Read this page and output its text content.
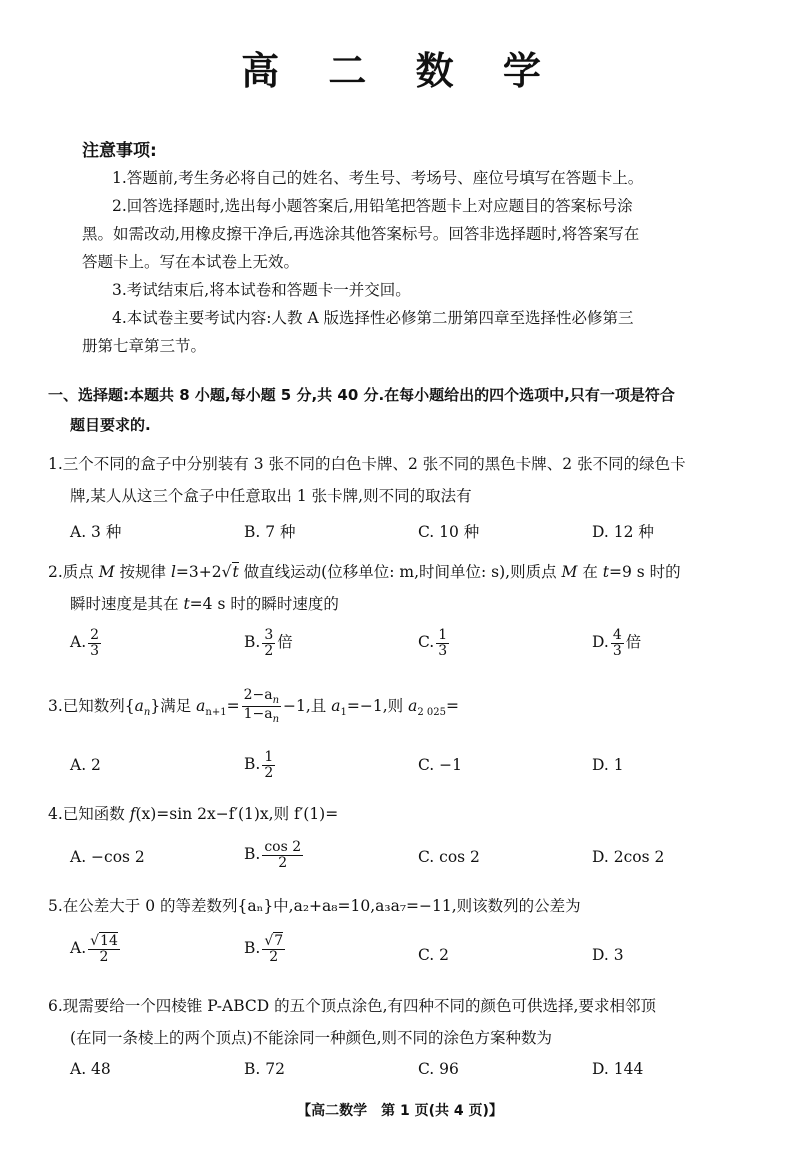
高 二 数 学
注意事项:
1.答题前,考生务必将自己的姓名、考生号、考场号、座位号填写在答题卡上。
2.回答选择题时,选出每小题答案后,用铅笔把答题卡上对应题目的答案标号涂
黑。如需改动,用橡皮擦干净后,再选涂其他答案标号。回答非选择题时,将答案写在
答题卡上。写在本试卷上无效。
3.考试结束后,将本试卷和答题卡一并交回。
4.本试卷主要考试内容:人教 A 版选择性必修第二册第四章至选择性必修第三
册第七章第三节。
一、选择题:本题共 8 小题,每小题 5 分,共 40 分.在每小题给出的四个选项中,只有一项是符合
题目要求的.
1.三个不同的盒子中分别装有 3 张不同的白色卡牌、2 张不同的黑色卡牌、2 张不同的绿色卡
牌,某人从这三个盒子中任意取出 1 张卡牌,则不同的取法有
A. 3 种	B. 7 种	C. 10 种	D. 12 种
2.质点 M 按规律 l=3+2√t 做直线运动(位移单位: m,时间单位: s),则质点 M 在 t=9 s 时的
瞬时速度是其在 t=4 s 时的瞬时速度的
A. $\frac{2}{3}$	B. $\frac{3}{2}$ 倍	C. $\frac{1}{3}$	D. $\frac{4}{3}$ 倍
3.已知数列$\{a_n\}$满足 $a_{n+1}= \frac{2-a_n}{1-a_n} -1$,且 $a_1=-1$,则 $a_{2 025}=$
A. 2	B. $\frac{1}{2}$	C. −1	D. 1
4.已知函数 f(x)=sin 2x−f′(1)x,则 f′(1)=
A. −cos 2	B. $\frac{\cos 2}{2}$	C. cos 2	D. 2cos 2
5.在公差大于 0 的等差数列{aₙ}中,a₂+a₈=10,a₃a₇=−11,则该数列的公差为
A. $\frac{√14}{2}$	B. $\frac{√7}{2}$	C. 2	D. 3
6.现需要给一个四棱锥 P-ABCD 的五个顶点涂色,有四种不同的颜色可供选择,要求相邻顶
(在同一条棱上的两个顶点)不能涂同一种颜色,则不同的涂色方案种数为
A. 48	B. 72	C. 96	D. 144
【高二数学　第 1 页(共 4 页)】
